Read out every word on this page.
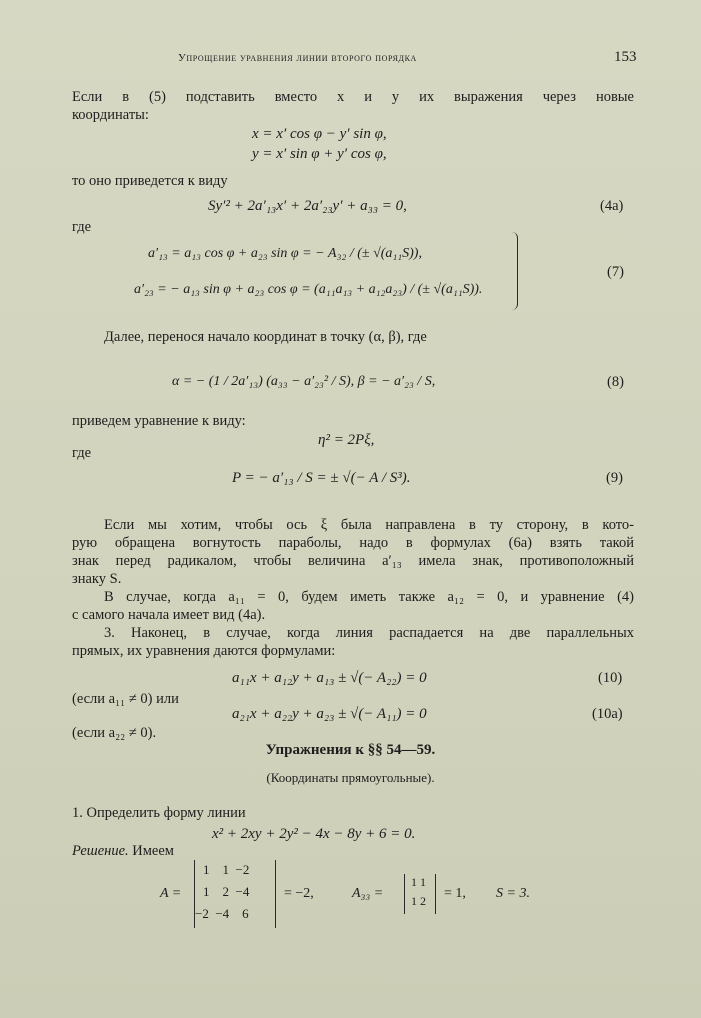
Упрощение уравнения линии второго порядка	153
Если в (5) подставить вместо x и y их выражения через новые
координаты:
x = x′ cos φ − y′ sin φ,
y = x′ sin φ + y′ cos φ,
то оно приведется к виду
Sy′² + 2a′₁₃x′ + 2a′₂₃y′ + a₃₃ = 0,	(4a)
где
a′₁₃ = a₁₃ cos φ + a₂₃ sin φ = − A₃₂ / (± √(a₁₁S)),
a′₂₃ = − a₁₃ sin φ + a₂₃ cos φ = (a₁₁a₁₃ + a₁₂a₂₃) / (± √(a₁₁S)).
(7)
Далее, перенося начало координат в точку (α, β), где
α = − (1 / 2a′₁₃) (a₃₃ − a′₂₃² / S), β = − a′₂₃ / S,	(8)
приведем уравнение к виду:
η² = 2Pξ,
где
P = − a′₁₃ / S = ± √(− A / S³).	(9)
Если мы хотим, чтобы ось ξ была направлена в ту сторону, в кото-
рую обращена вогнутость параболы, надо в формулах (6а) взять такой
знак перед радикалом, чтобы величина a′₁₃ имела знак, противоположный
знаку S.
В случае, когда a₁₁ = 0, будем иметь также a₁₂ = 0, и уравнение (4)
с самого начала имеет вид (4а).
3. Наконец, в случае, когда линия распадается на две параллельных
прямых, их уравнения даются формулами:
a₁₁x + a₁₂y + a₁₃ ± √(− A₂₂) = 0	(10)
(если a₁₁ ≠ 0) или
a₂₁x + a₂₂y + a₂₃ ± √(− A₁₁) = 0	(10a)
(если a₂₂ ≠ 0).
Упражнения к §§ 54—59.
(Координаты прямоугольные).
1. Определить форму линии
x² + 2xy + 2y² − 4x − 8y + 6 = 0.
Решение. Имеем
A =
1    1  −2
1    2  −4
−2  −4    6
= −2,	A₃₃ =
1 1
1 2 = 1, S = 3.
